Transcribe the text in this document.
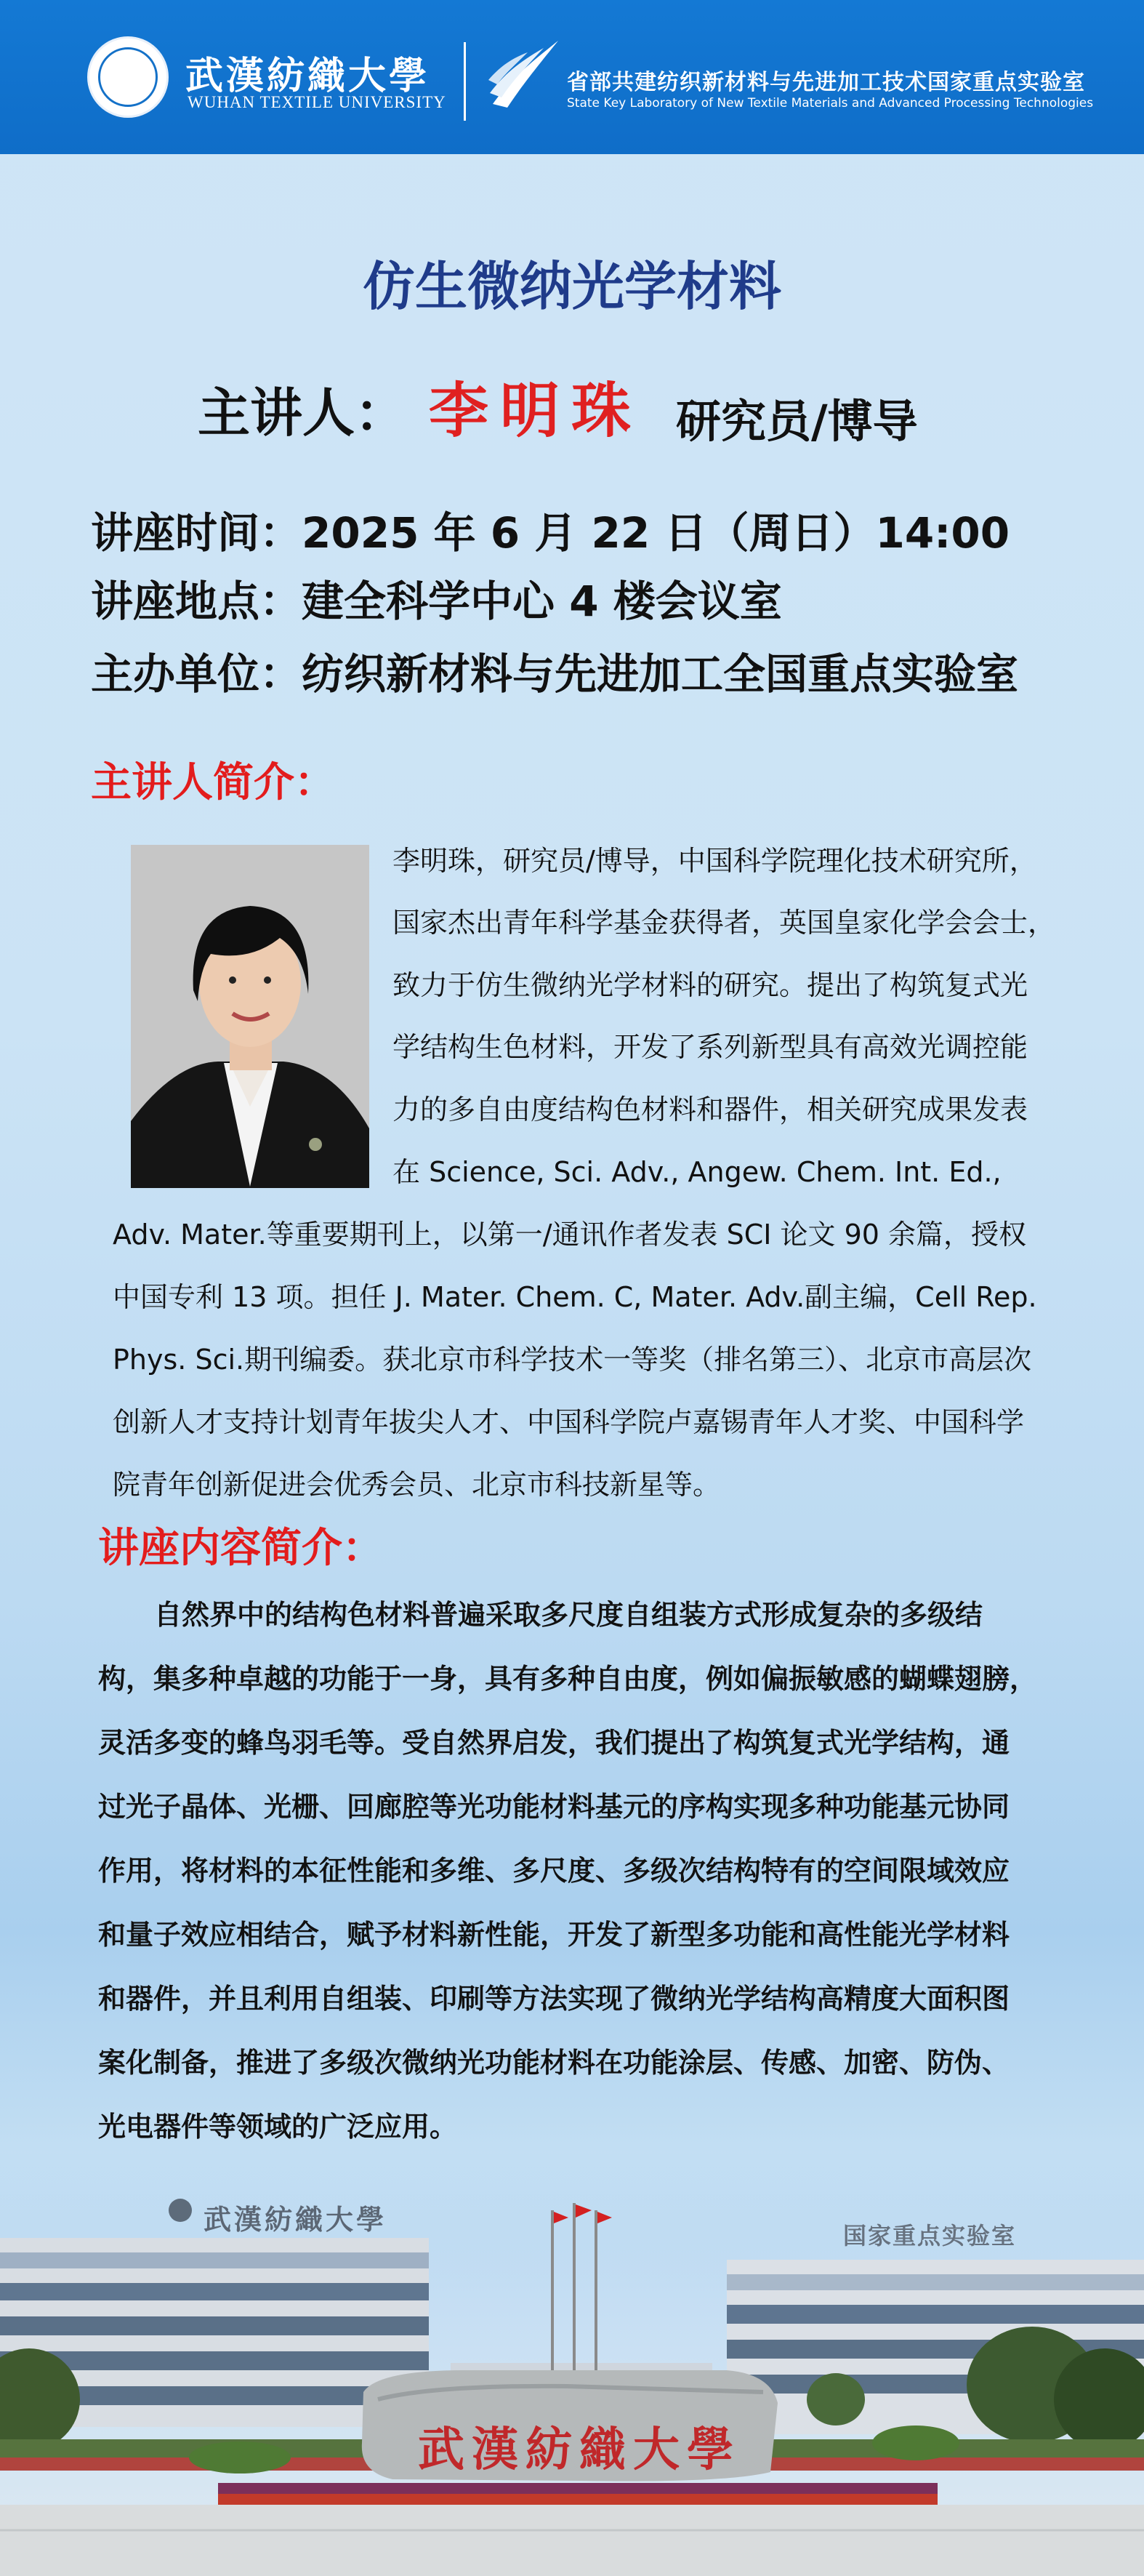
武漢紡織大學
WUHAN TEXTILE UNIVERSITY
省部共建纺织新材料与先进加工技术国家重点实验室
State Key Laboratory of New Textile Materials and Advanced Processing Technologies
仿生微纳光学材料
主讲人： 李明珠 研究员/博导
讲座时间：2025 年 6 月 22 日（周日）14:00
讲座地点：建全科学中心 4 楼会议室
主办单位：纺织新材料与先进加工全国重点实验室
主讲人简介：
李明珠，研究员/博导，中国科学院理化技术研究所，
国家杰出青年科学基金获得者，英国皇家化学会会士，
致力于仿生微纳光学材料的研究。提出了构筑复式光
学结构生色材料，开发了系列新型具有高效光调控能
力的多自由度结构色材料和器件，相关研究成果发表
在 Science, Sci. Adv., Angew. Chem. Int. Ed.,
Adv. Mater.等重要期刊上，以第一/通讯作者发表 SCI 论文 90 余篇，授权
中国专利 13 项。担任 J. Mater. Chem. C, Mater. Adv.副主编，Cell Rep.
Phys. Sci.期刊编委。获北京市科学技术一等奖（排名第三）、北京市高层次
创新人才支持计划青年拔尖人才、中国科学院卢嘉锡青年人才奖、中国科学
院青年创新促进会优秀会员、北京市科技新星等。
讲座内容简介：
自然界中的结构色材料普遍采取多尺度自组装方式形成复杂的多级结
构，集多种卓越的功能于一身，具有多种自由度，例如偏振敏感的蝴蝶翅膀，
灵活多变的蜂鸟羽毛等。受自然界启发，我们提出了构筑复式光学结构，通
过光子晶体、光栅、回廊腔等光功能材料基元的序构实现多种功能基元协同
作用，将材料的本征性能和多维、多尺度、多级次结构特有的空间限域效应
和量子效应相结合，赋予材料新性能，开发了新型多功能和高性能光学材料
和器件，并且利用自组装、印刷等方法实现了微纳光学结构高精度大面积图
案化制备，推进了多级次微纳光功能材料在功能涂层、传感、加密、防伪、
光电器件等领域的广泛应用。
武漢紡織大學	国家重点实验室
武漢紡織大學
